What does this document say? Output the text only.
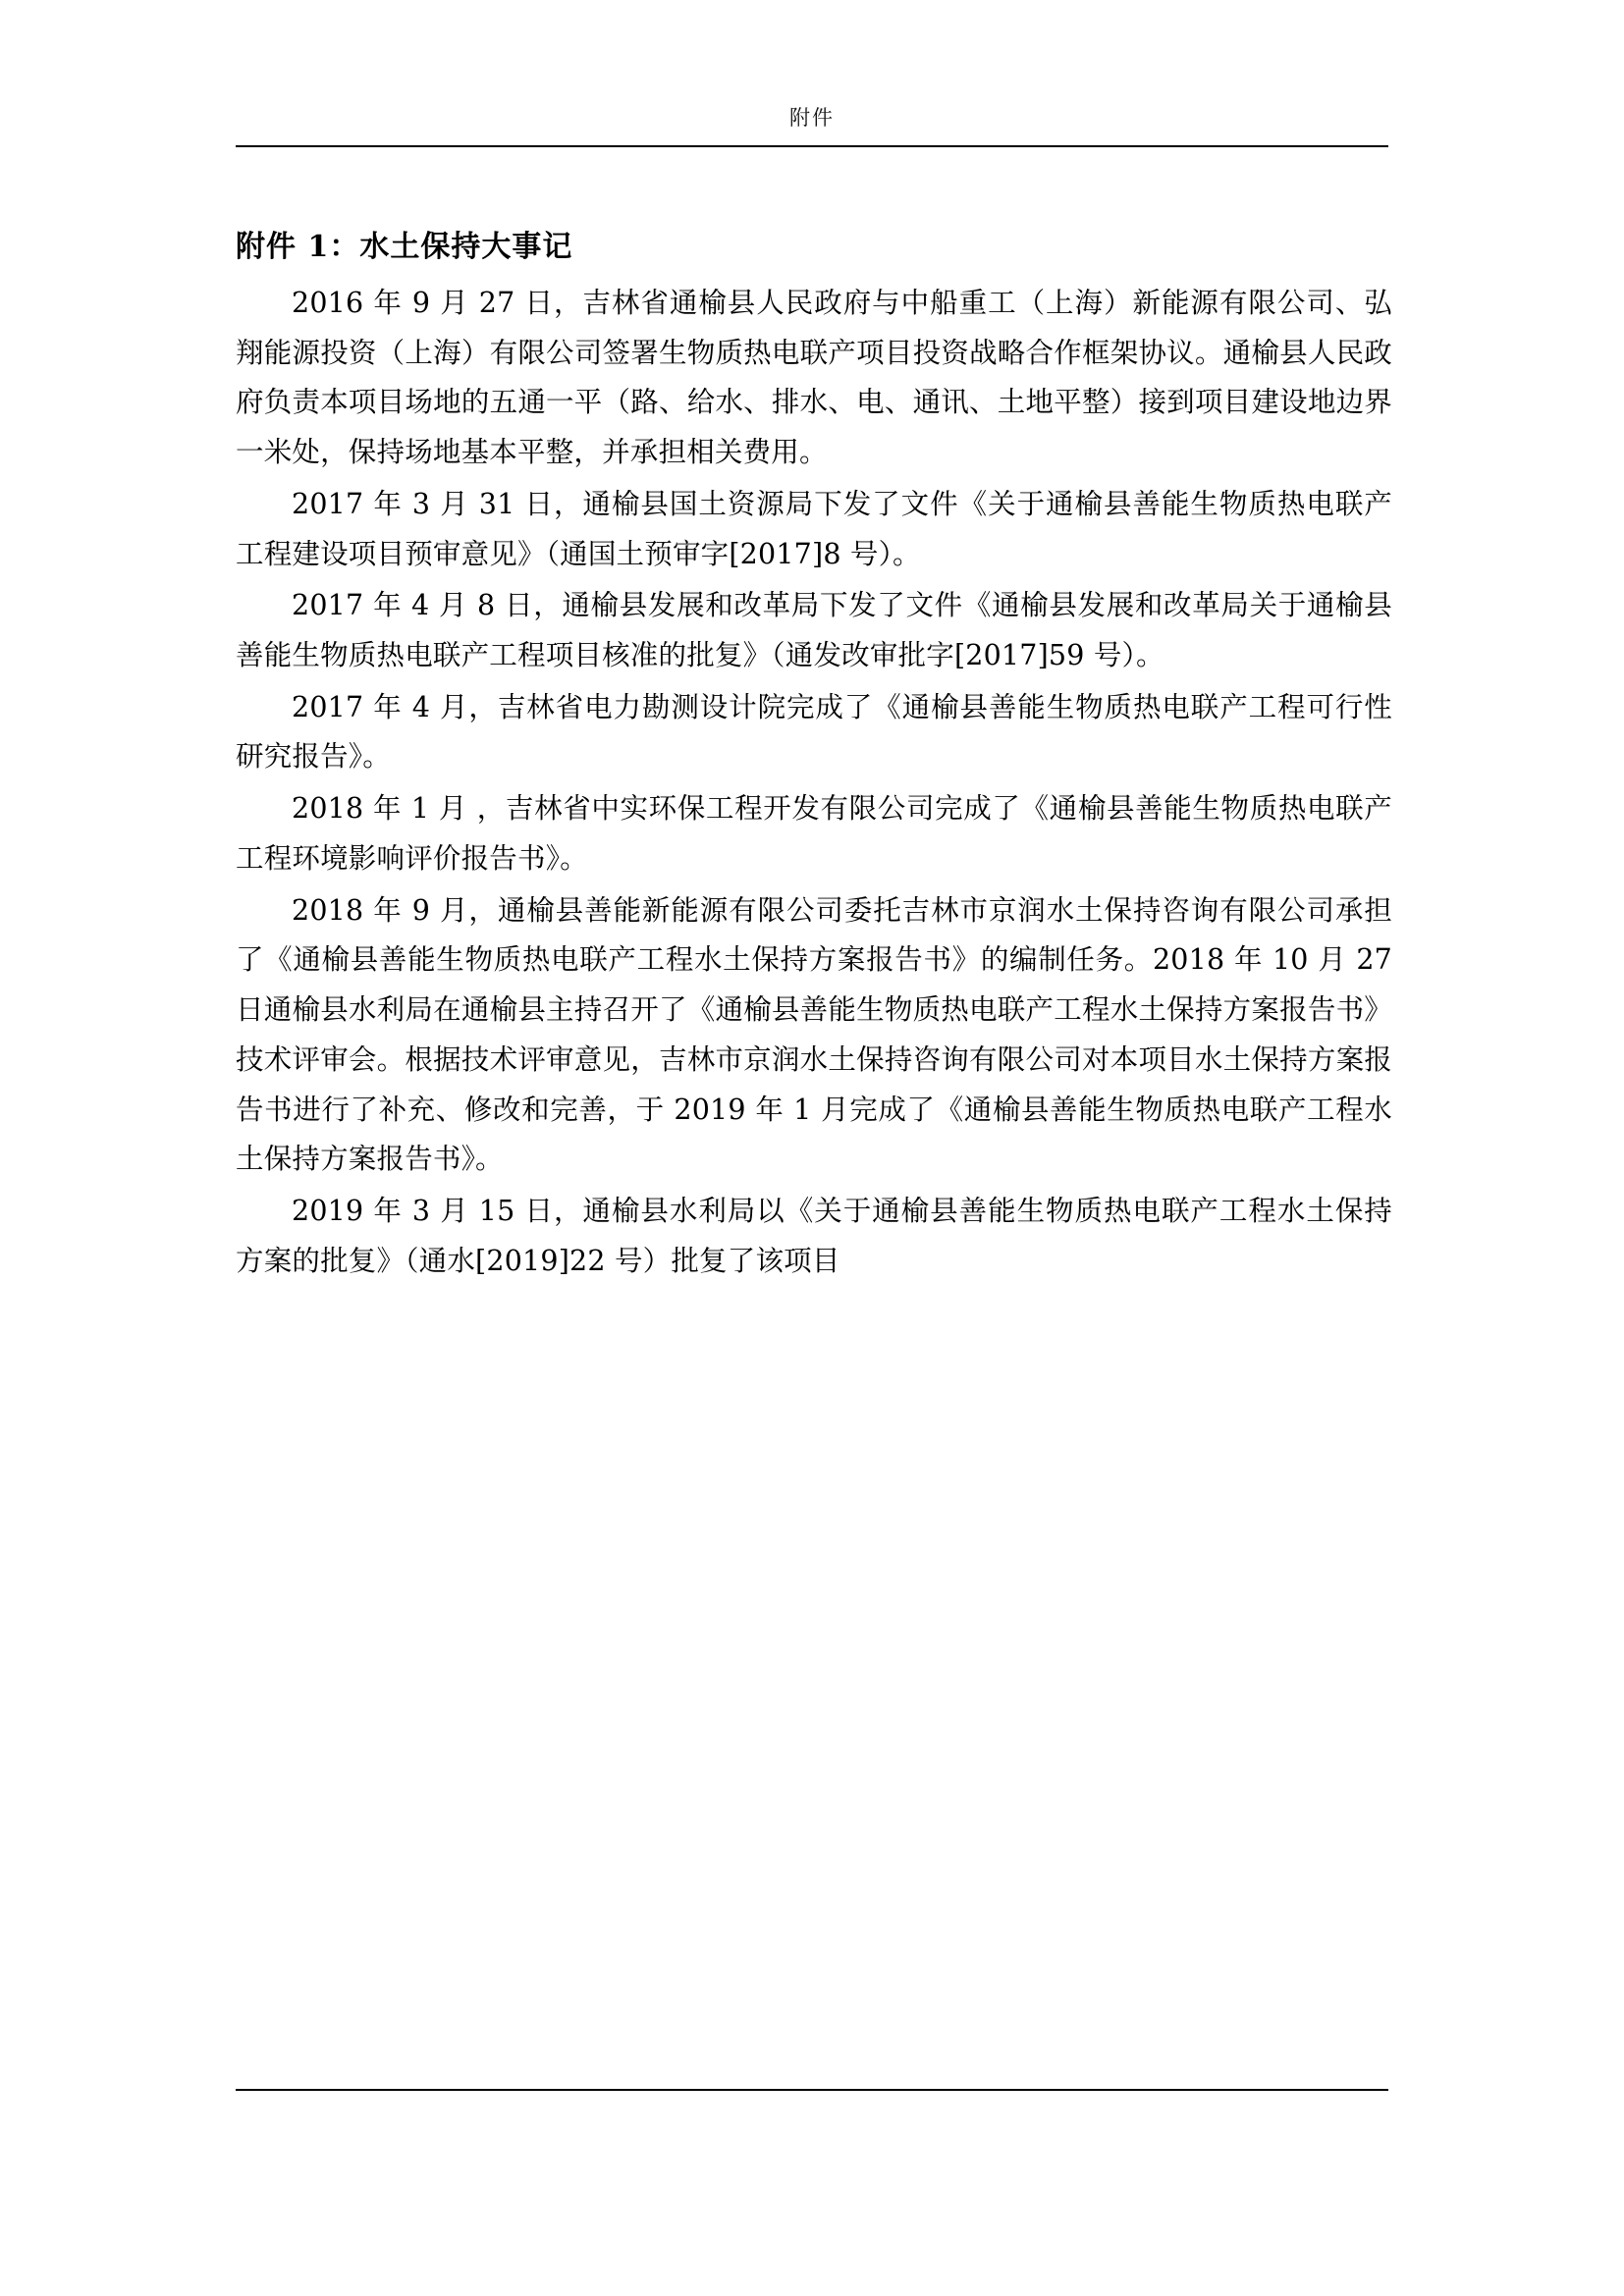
附件
附件 1：水土保持大事记

2016 年 9 月 27 日，吉林省通榆县人民政府与中船重工（上海）新能源有限公司、弘翔能源投资（上海）有限公司签署生物质热电联产项目投资战略合作框架协议。通榆县人民政府负责本项目场地的五通一平（路、给水、排水、电、通讯、土地平整）接到项目建设地边界一米处，保持场地基本平整，并承担相关费用。

2017 年 3 月 31 日，通榆县国土资源局下发了文件《关于通榆县善能生物质热电联产工程建设项目预审意见》（通国土预审字[2017]8 号）。

2017 年 4 月 8 日，通榆县发展和改革局下发了文件《通榆县发展和改革局关于通榆县善能生物质热电联产工程项目核准的批复》（通发改审批字[2017]59 号）。

2017 年 4 月，吉林省电力勘测设计院完成了《通榆县善能生物质热电联产工程可行性研究报告》。

2018 年 1 月 ，吉林省中实环保工程开发有限公司完成了《通榆县善能生物质热电联产工程环境影响评价报告书》。

2018 年 9 月，通榆县善能新能源有限公司委托吉林市京润水土保持咨询有限公司承担了《通榆县善能生物质热电联产工程水土保持方案报告书》的编制任务。2018 年 10 月 27 日通榆县水利局在通榆县主持召开了《通榆县善能生物质热电联产工程水土保持方案报告书》技术评审会。根据技术评审意见，吉林市京润水土保持咨询有限公司对本项目水土保持方案报告书进行了补充、修改和完善，于 2019 年 1 月完成了《通榆县善能生物质热电联产工程水土保持方案报告书》。

2019 年 3 月 15 日，通榆县水利局以《关于通榆县善能生物质热电联产工程水土保持方案的批复》（通水[2019]22 号）批复了该项目
